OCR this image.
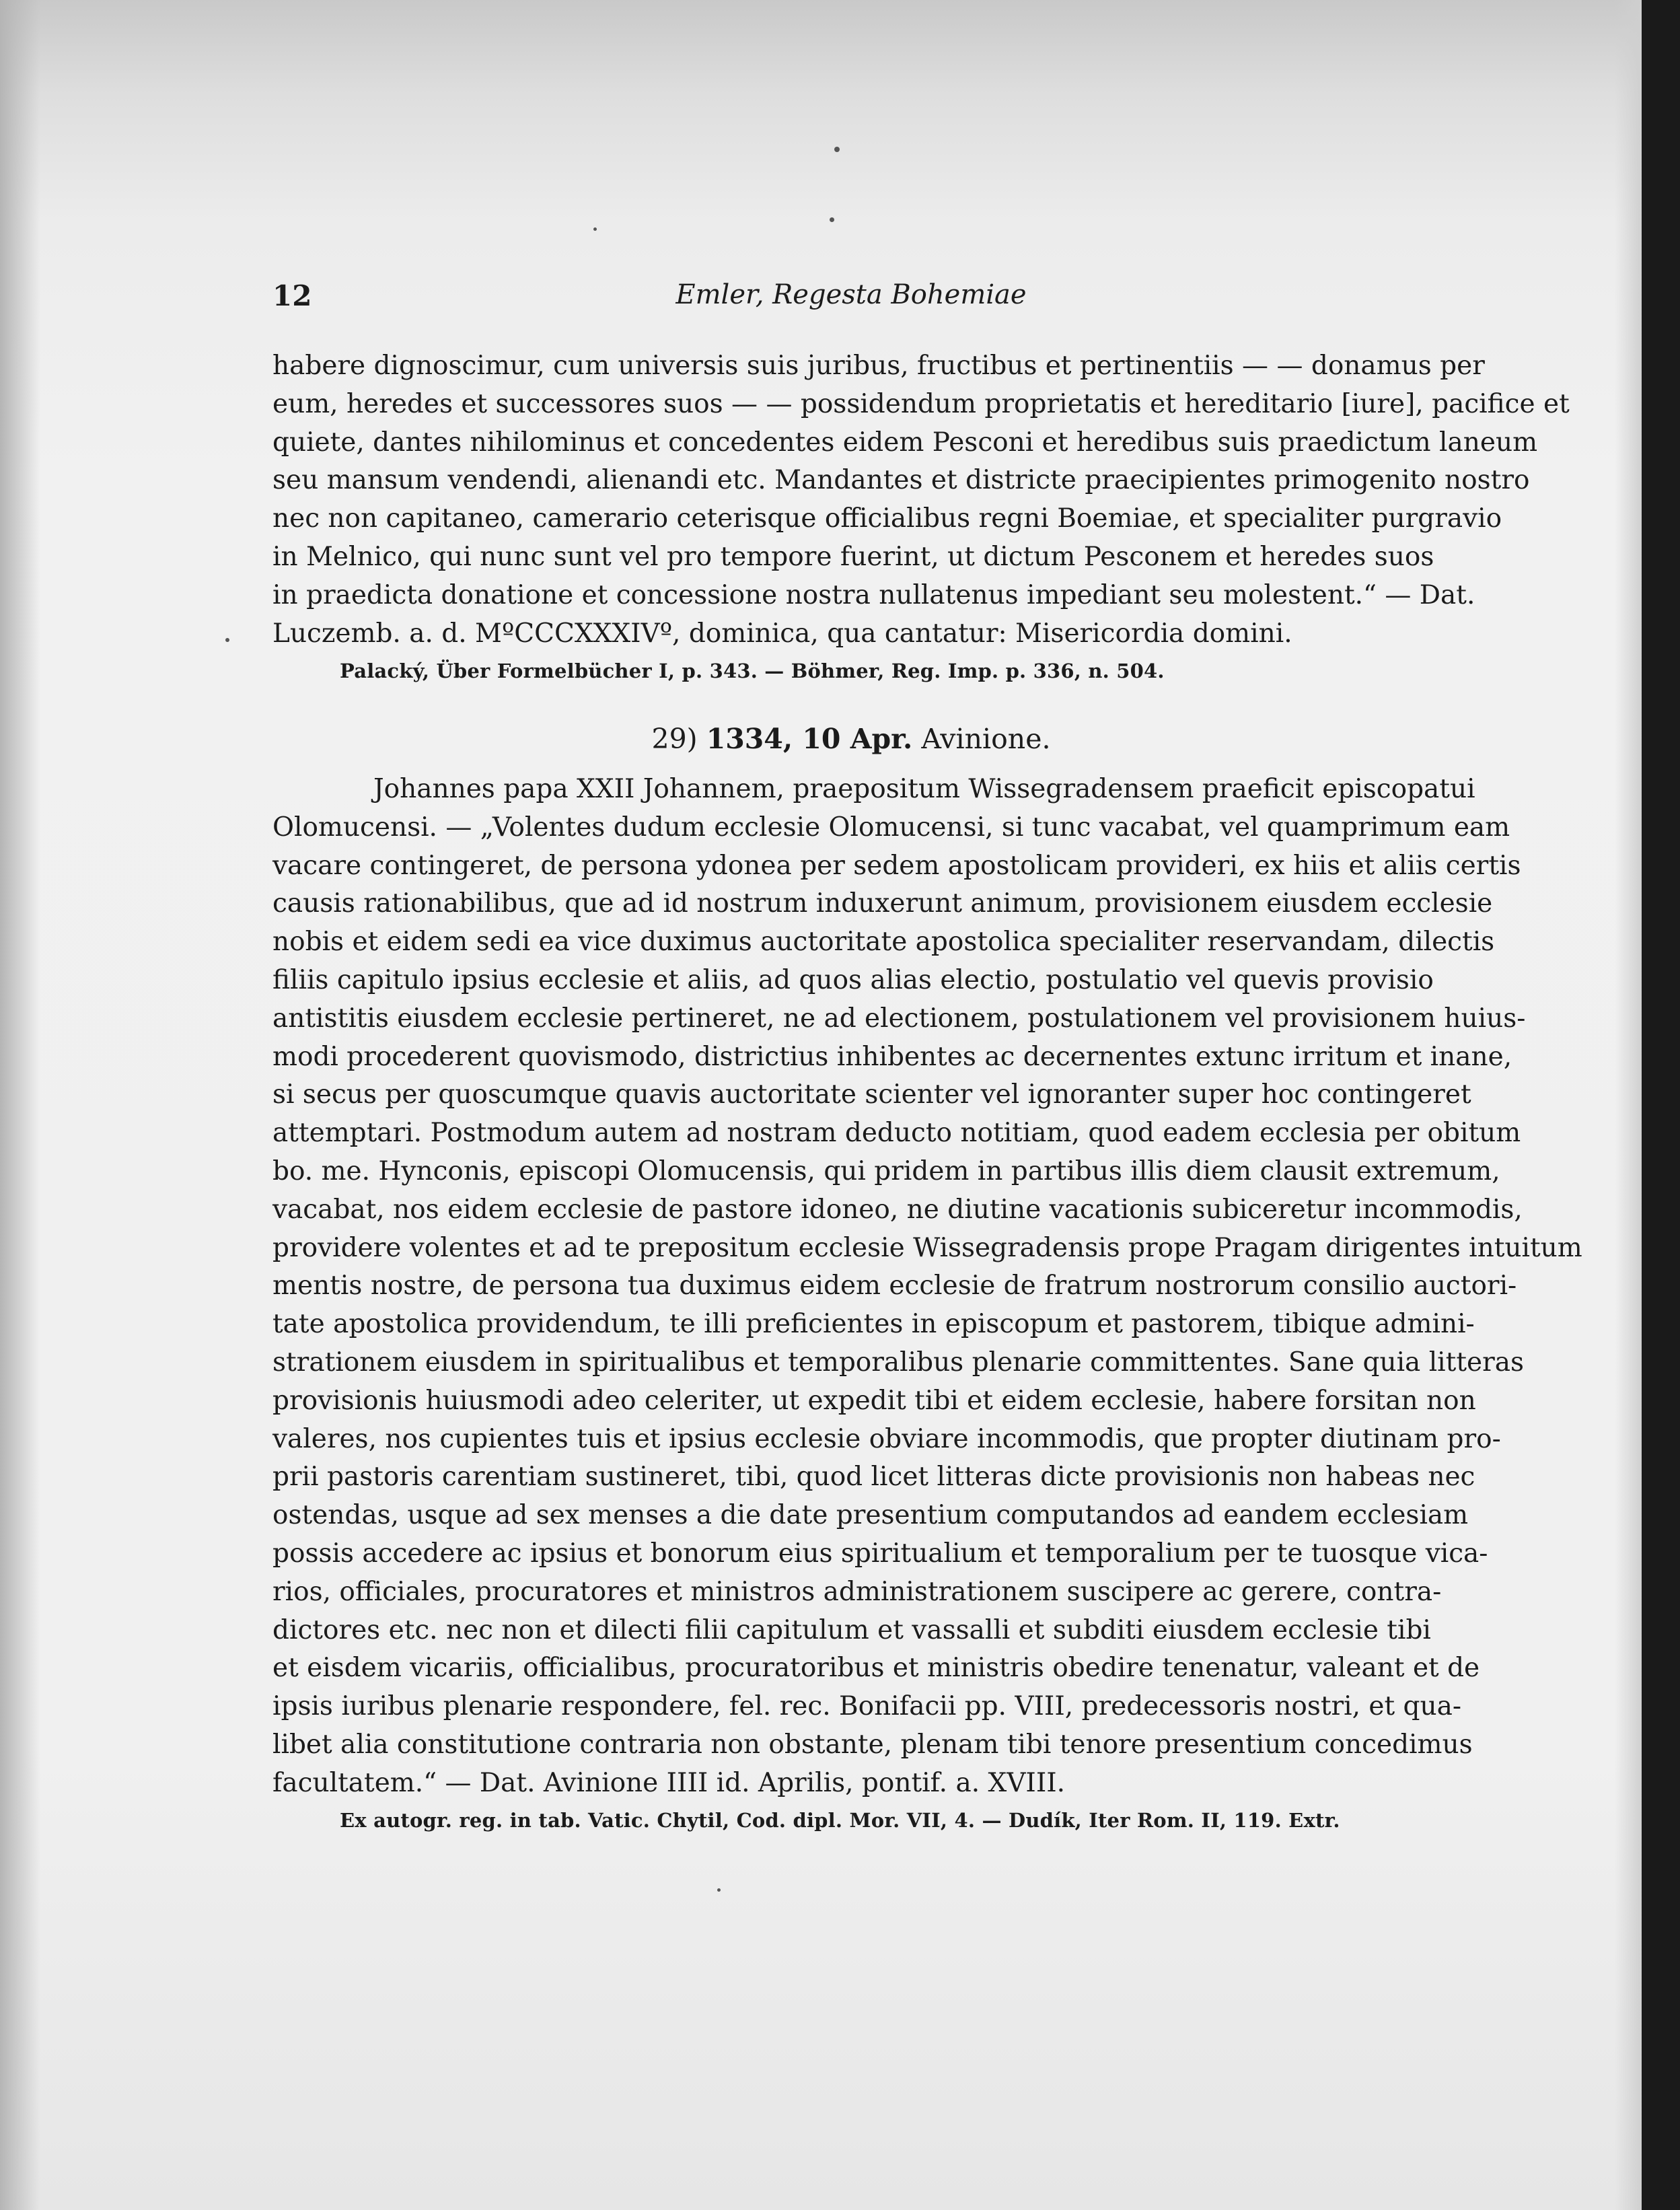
12	Emler, Regesta Bohemiae
habere dignoscimur, cum universis suis juribus, fructibus et pertinentiis — — donamus per
eum, heredes et successores suos — — possidendum proprietatis et hereditario [iure], pacifice et
quiete, dantes nihilominus et concedentes eidem Pesconi et heredibus suis praedictum laneum
seu mansum vendendi, alienandi etc. Mandantes et districte praecipientes primogenito nostro
nec non capitaneo, camerario ceterisque officialibus regni Boemiae, et specialiter purgravio
in Melnico, qui nunc sunt vel pro tempore fuerint, ut dictum Pesconem et heredes suos
in praedicta donatione et concessione nostra nullatenus impediant seu molestent.“ — Dat.
Luczemb. a. d. MºCCCXXXIVº, dominica, qua cantatur: Misericordia domini.
Palacký, Über Formelbücher I, p. 343. — Böhmer, Reg. Imp. p. 336, n. 504.
29) 1334, 10 Apr. Avinione.
Johannes papa XXII Johannem, praepositum Wissegradensem praeficit episcopatui
Olomucensi. — „Volentes dudum ecclesie Olomucensi, si tunc vacabat, vel quamprimum eam
vacare contingeret, de persona ydonea per sedem apostolicam provideri, ex hiis et aliis certis
causis rationabilibus, que ad id nostrum induxerunt animum, provisionem eiusdem ecclesie
nobis et eidem sedi ea vice duximus auctoritate apostolica specialiter reservandam, dilectis
filiis capitulo ipsius ecclesie et aliis, ad quos alias electio, postulatio vel quevis provisio
antistitis eiusdem ecclesie pertineret, ne ad electionem, postulationem vel provisionem huius-
modi procederent quovismodo, districtius inhibentes ac decernentes extunc irritum et inane,
si secus per quoscumque quavis auctoritate scienter vel ignoranter super hoc contingeret
attemptari. Postmodum autem ad nostram deducto notitiam, quod eadem ecclesia per obitum
bo. me. Hynconis, episcopi Olomucensis, qui pridem in partibus illis diem clausit extremum,
vacabat, nos eidem ecclesie de pastore idoneo, ne diutine vacationis subiceretur incommodis,
providere volentes et ad te prepositum ecclesie Wissegradensis prope Pragam dirigentes intuitum
mentis nostre, de persona tua duximus eidem ecclesie de fratrum nostrorum consilio auctori-
tate apostolica providendum, te illi preficientes in episcopum et pastorem, tibique admini-
strationem eiusdem in spiritualibus et temporalibus plenarie committentes. Sane quia litteras
provisionis huiusmodi adeo celeriter, ut expedit tibi et eidem ecclesie, habere forsitan non
valeres, nos cupientes tuis et ipsius ecclesie obviare incommodis, que propter diutinam pro-
prii pastoris carentiam sustineret, tibi, quod licet litteras dicte provisionis non habeas nec
ostendas, usque ad sex menses a die date presentium computandos ad eandem ecclesiam
possis accedere ac ipsius et bonorum eius spiritualium et temporalium per te tuosque vica-
rios, officiales, procuratores et ministros administrationem suscipere ac gerere, contra-
dictores etc. nec non et dilecti filii capitulum et vassalli et subditi eiusdem ecclesie tibi
et eisdem vicariis, officialibus, procuratoribus et ministris obedire tenenatur, valeant et de
ipsis iuribus plenarie respondere, fel. rec. Bonifacii pp. VIII, predecessoris nostri, et qua-
libet alia constitutione contraria non obstante, plenam tibi tenore presentium concedimus
facultatem.“ — Dat. Avinione IIII id. Aprilis, pontif. a. XVIII.
Ex autogr. reg. in tab. Vatic. Chytil, Cod. dipl. Mor. VII, 4. — Dudík, Iter Rom. II, 119. Extr.
